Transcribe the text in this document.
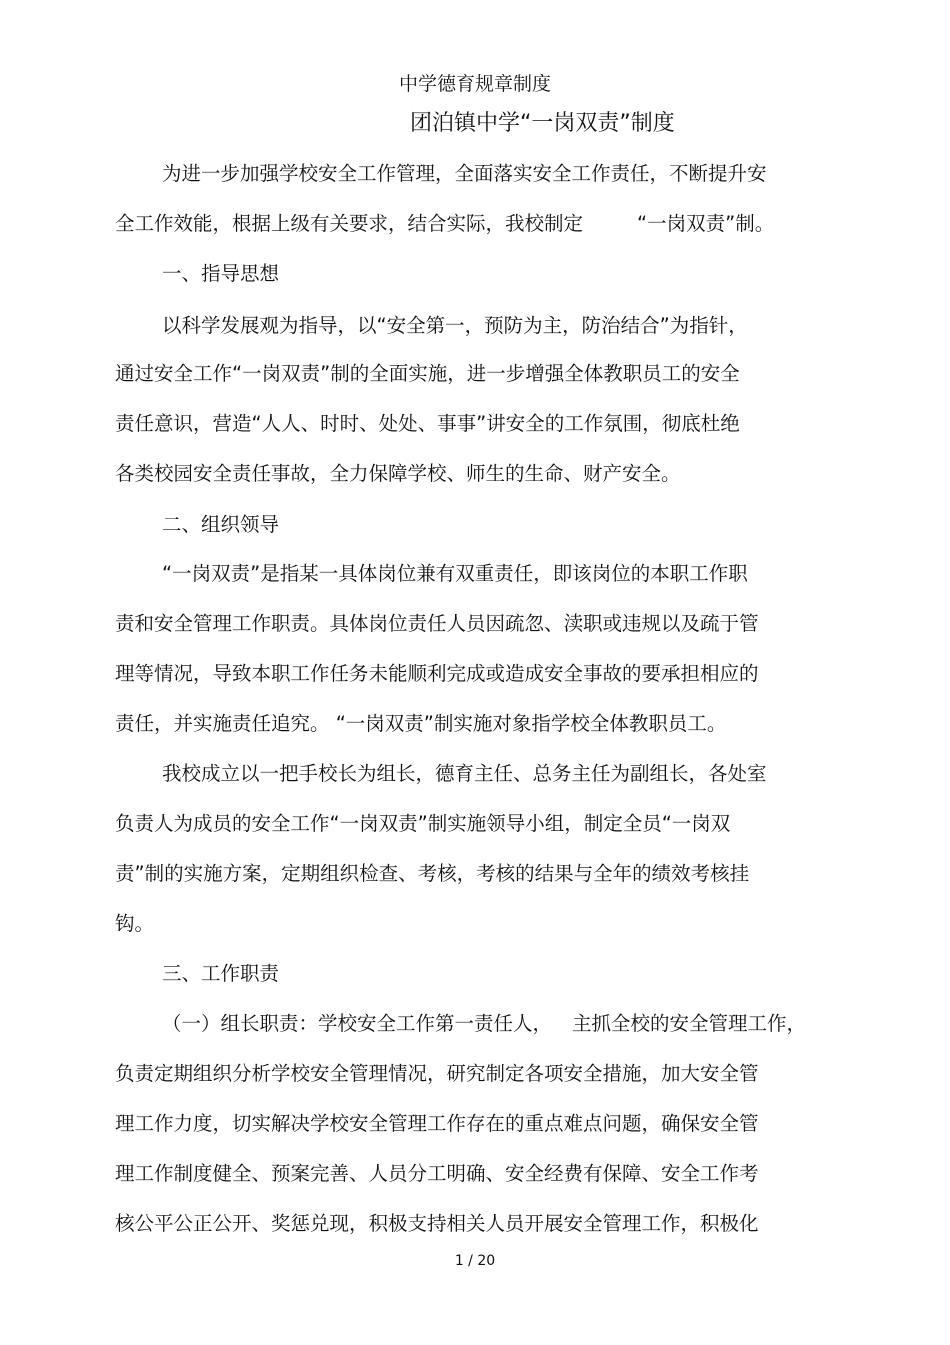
中学德育规章制度
团泊镇中学“一岗双责”制度
为进一步加强学校安全工作管理，全面落实安全工作责任，不断提升安
全工作效能，根据上级有关要求，结合实际，我校制定	“一岗双责”制。
一、指导思想
以科学发展观为指导，以“安全第一，预防为主，防治结合”为指针，
通过安全工作“一岗双责”制的全面实施，进一步增强全体教职员工的安全
责任意识，营造“人人、时时、处处、事事”讲安全的工作氛围，彻底杜绝
各类校园安全责任事故，全力保障学校、师生的生命、财产安全。
二、组织领导
“一岗双责”是指某一具体岗位兼有双重责任，即该岗位的本职工作职
责和安全管理工作职责。具体岗位责任人员因疏忽、渎职或违规以及疏于管
理等情况，导致本职工作任务未能顺利完成或造成安全事故的要承担相应的
责任，并实施责任追究。 “一岗双责”制实施对象指学校全体教职员工。
我校成立以一把手校长为组长，德育主任、总务主任为副组长，各处室
负责人为成员的安全工作“一岗双责”制实施领导小组，制定全员“一岗双
责”制的实施方案，定期组织检查、考核，考核的结果与全年的绩效考核挂
钩。
三、工作职责
（一）组长职责：学校安全工作第一责任人， 主抓全校的安全管理工作，
负责定期组织分析学校安全管理情况，研究制定各项安全措施，加大安全管
理工作力度，切实解决学校安全管理工作存在的重点难点问题，确保安全管
理工作制度健全、预案完善、人员分工明确、安全经费有保障、安全工作考
核公平公正公开、奖惩兑现，积极支持相关人员开展安全管理工作，积极化
1 / 20
